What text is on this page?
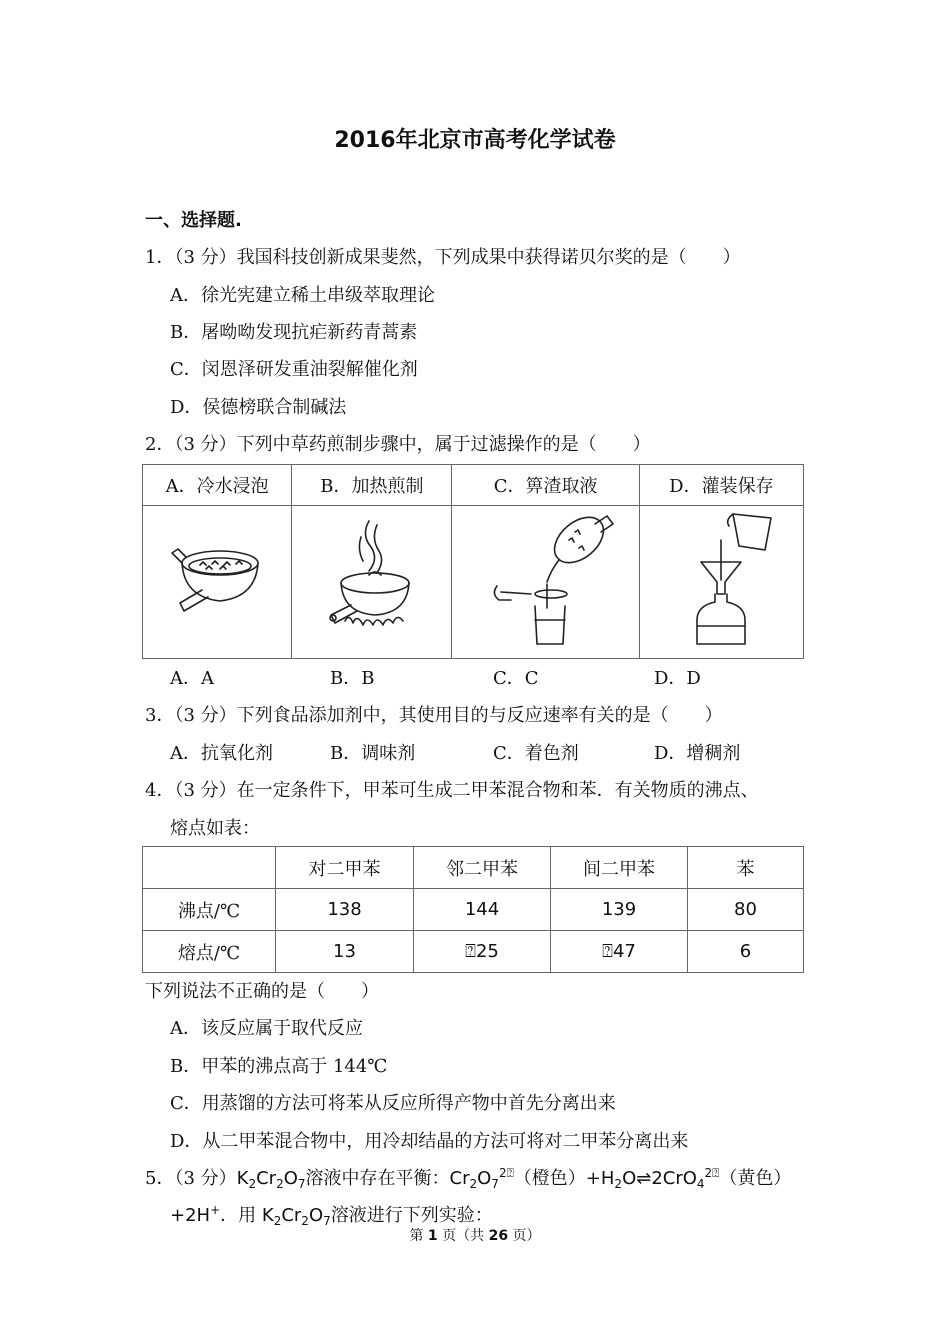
2016年北京市高考化学试卷
一、选择题.
1．（3 分）我国科技创新成果斐然，下列成果中获得诺贝尔奖的是（　　）
A．徐光宪建立稀土串级萃取理论
B．屠呦呦发现抗疟新药青蒿素
C．闵恩泽研发重油裂解催化剂
D．侯德榜联合制碱法
2．（3 分）下列中草药煎制步骤中，属于过滤操作的是（　　）
A．冷水浸泡	B．加热煎制	C．箅渣取液	D．灌装保存

A．A	B．B	C．C	D．D
3．（3 分）下列食品添加剂中，其使用目的与反应速率有关的是（　　）
A．抗氧化剂	B．调味剂	C．着色剂	D．增稠剂
4．（3 分）在一定条件下，甲苯可生成二甲苯混合物和苯．有关物质的沸点、
熔点如表：
	对二甲苯	邻二甲苯	间二甲苯	苯
沸点/℃	138	144	139	80
熔点/℃	13	⍰25	⍰47	6
下列说法不正确的是（　　）
A．该反应属于取代反应
B．甲苯的沸点高于 144℃
C．用蒸馏的方法可将苯从反应所得产物中首先分离出来
D．从二甲苯混合物中，用冷却结晶的方法可将对二甲苯分离出来
5．（3 分）$K_2Cr_2O_7$溶液中存在平衡：$Cr_2O_7^{2⍰}$（橙色）$+H_2O\rightleftharpoons 2CrO_4^{2⍰}$（黄色）
+2H+．用 $K_2Cr_2O_7$溶液进行下列实验：
第 1 页（共 26 页）
